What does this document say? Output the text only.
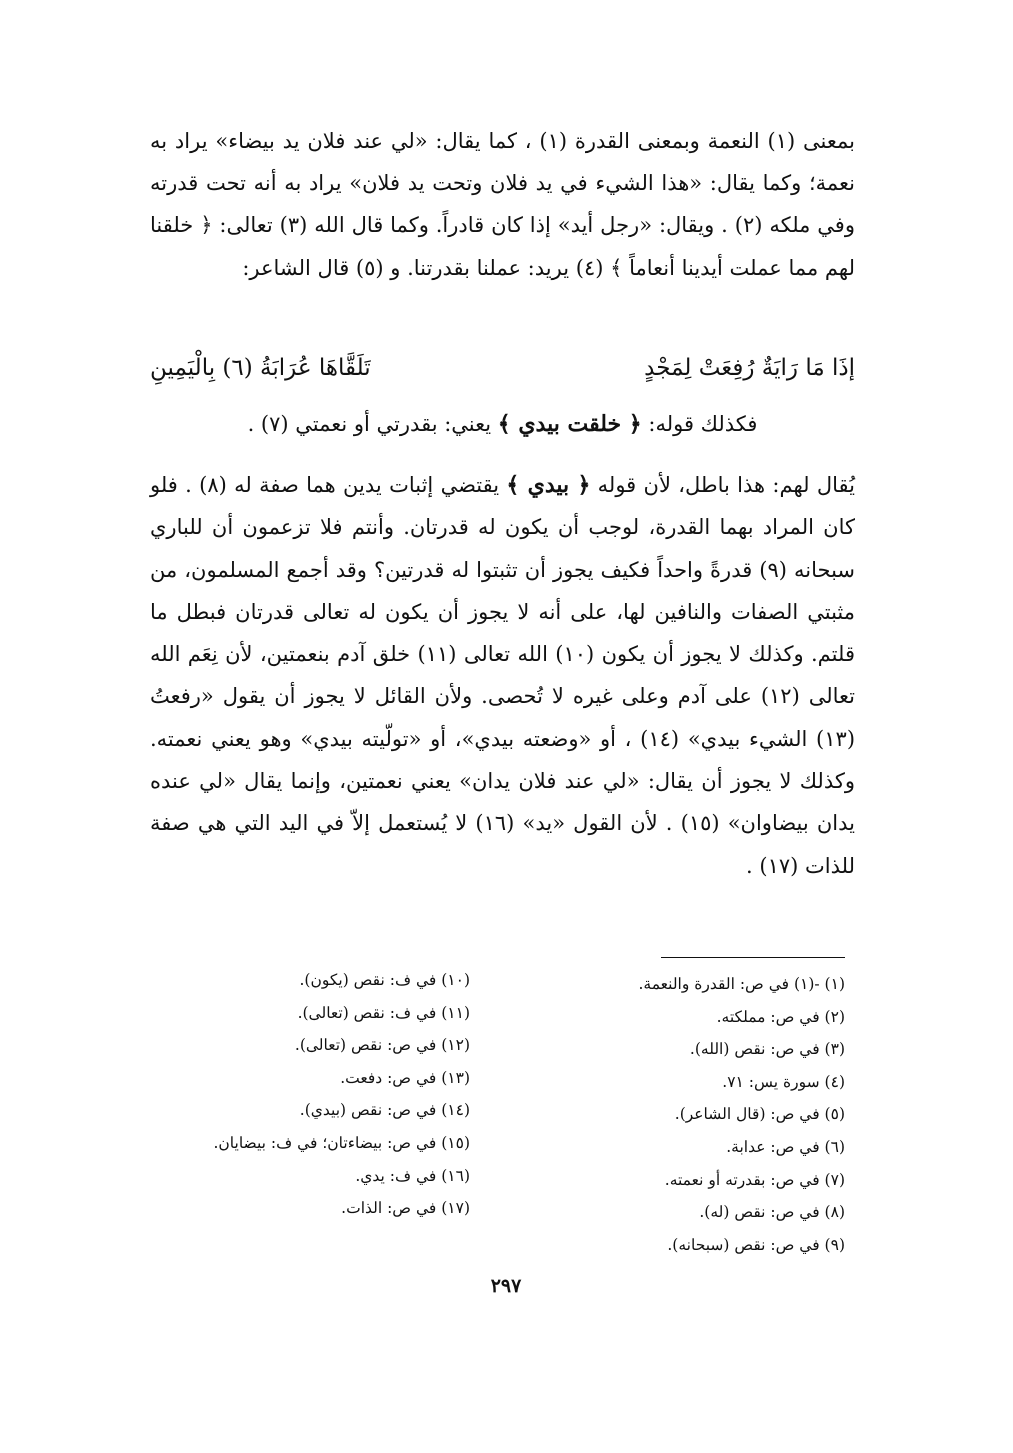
بمعنى (١) النعمة وبمعنى القدرة (١) ، كما يقال: «لي عند فلان يد بيضاء» يراد به نعمة؛ وكما يقال: «هذا الشيء في يد فلان وتحت يد فلان» يراد به أنه تحت قدرته وفي ملكه (٢) . ويقال: «رجل أيد» إذا كان قادراً. وكما قال الله (٣) تعالى: ﴿ خلقنا لهم مما عملت أيدينا أنعاماً ﴾ (٤) يريد: عملنا بقدرتنا. و (٥) قال الشاعر:

إذَا مَا رَايَةٌ رُفِعَتْ لِمَجْدٍ
تَلَقَّاهَا عُرَابَةُ (٦) بِالْيَمِينِ
فكذلك قوله: ﴿ خلقت بيدي ﴾ يعني: بقدرتي أو نعمتي (٧) .
يُقال لهم: هذا باطل، لأن قوله ﴿ بيدي ﴾ يقتضي إثبات يدين هما صفة له (٨) . فلو كان المراد بهما القدرة، لوجب أن يكون له قدرتان. وأنتم فلا تزعمون أن للباري سبحانه (٩) قدرةً واحداً فكيف يجوز أن تثبتوا له قدرتين؟ وقد أجمع المسلمون، من مثبتي الصفات والنافين لها، على أنه لا يجوز أن يكون له تعالى قدرتان فبطل ما قلتم. وكذلك لا يجوز أن يكون (١٠) الله تعالى (١١) خلق آدم بنعمتين، لأن نِعَم الله تعالى (١٢) على آدم وعلى غيره لا تُحصى. ولأن القائل لا يجوز أن يقول «رفعتُ (١٣) الشيء بيدي» (١٤) ، أو «وضعته بيدي»، أو «تولّيته بيدي» وهو يعني نعمته. وكذلك لا يجوز أن يقال: «لي عند فلان يدان» يعني نعمتين، وإنما يقال «لي عنده يدان بيضاوان» (١٥) . لأن القول «يد» (١٦) لا يُستعمل إلاّ في اليد التي هي صفة للذات (١٧) .
(١) -(١) في ص: القدرة والنعمة.
(٢) في ص: مملكته.
(٣) في ص: نقص (الله).
(٤) سورة يس: ٧١.
(٥) في ص: (قال الشاعر).
(٦) في ص: عدابة.
(٧) في ص: بقدرته أو نعمته.
(٨) في ص: نقص (له).
(٩) في ص: نقص (سبحانه).
(١٠) في ف: نقص (يكون).
(١١) في ف: نقص (تعالى).
(١٢) في ص: نقص (تعالى).
(١٣) في ص: دفعت.
(١٤) في ص: نقص (بيدي).
(١٥) في ص: بيضاءتان؛ في ف: بيضايان.
(١٦) في ف: يدي.
(١٧) في ص: الذات.
٢٩٧
